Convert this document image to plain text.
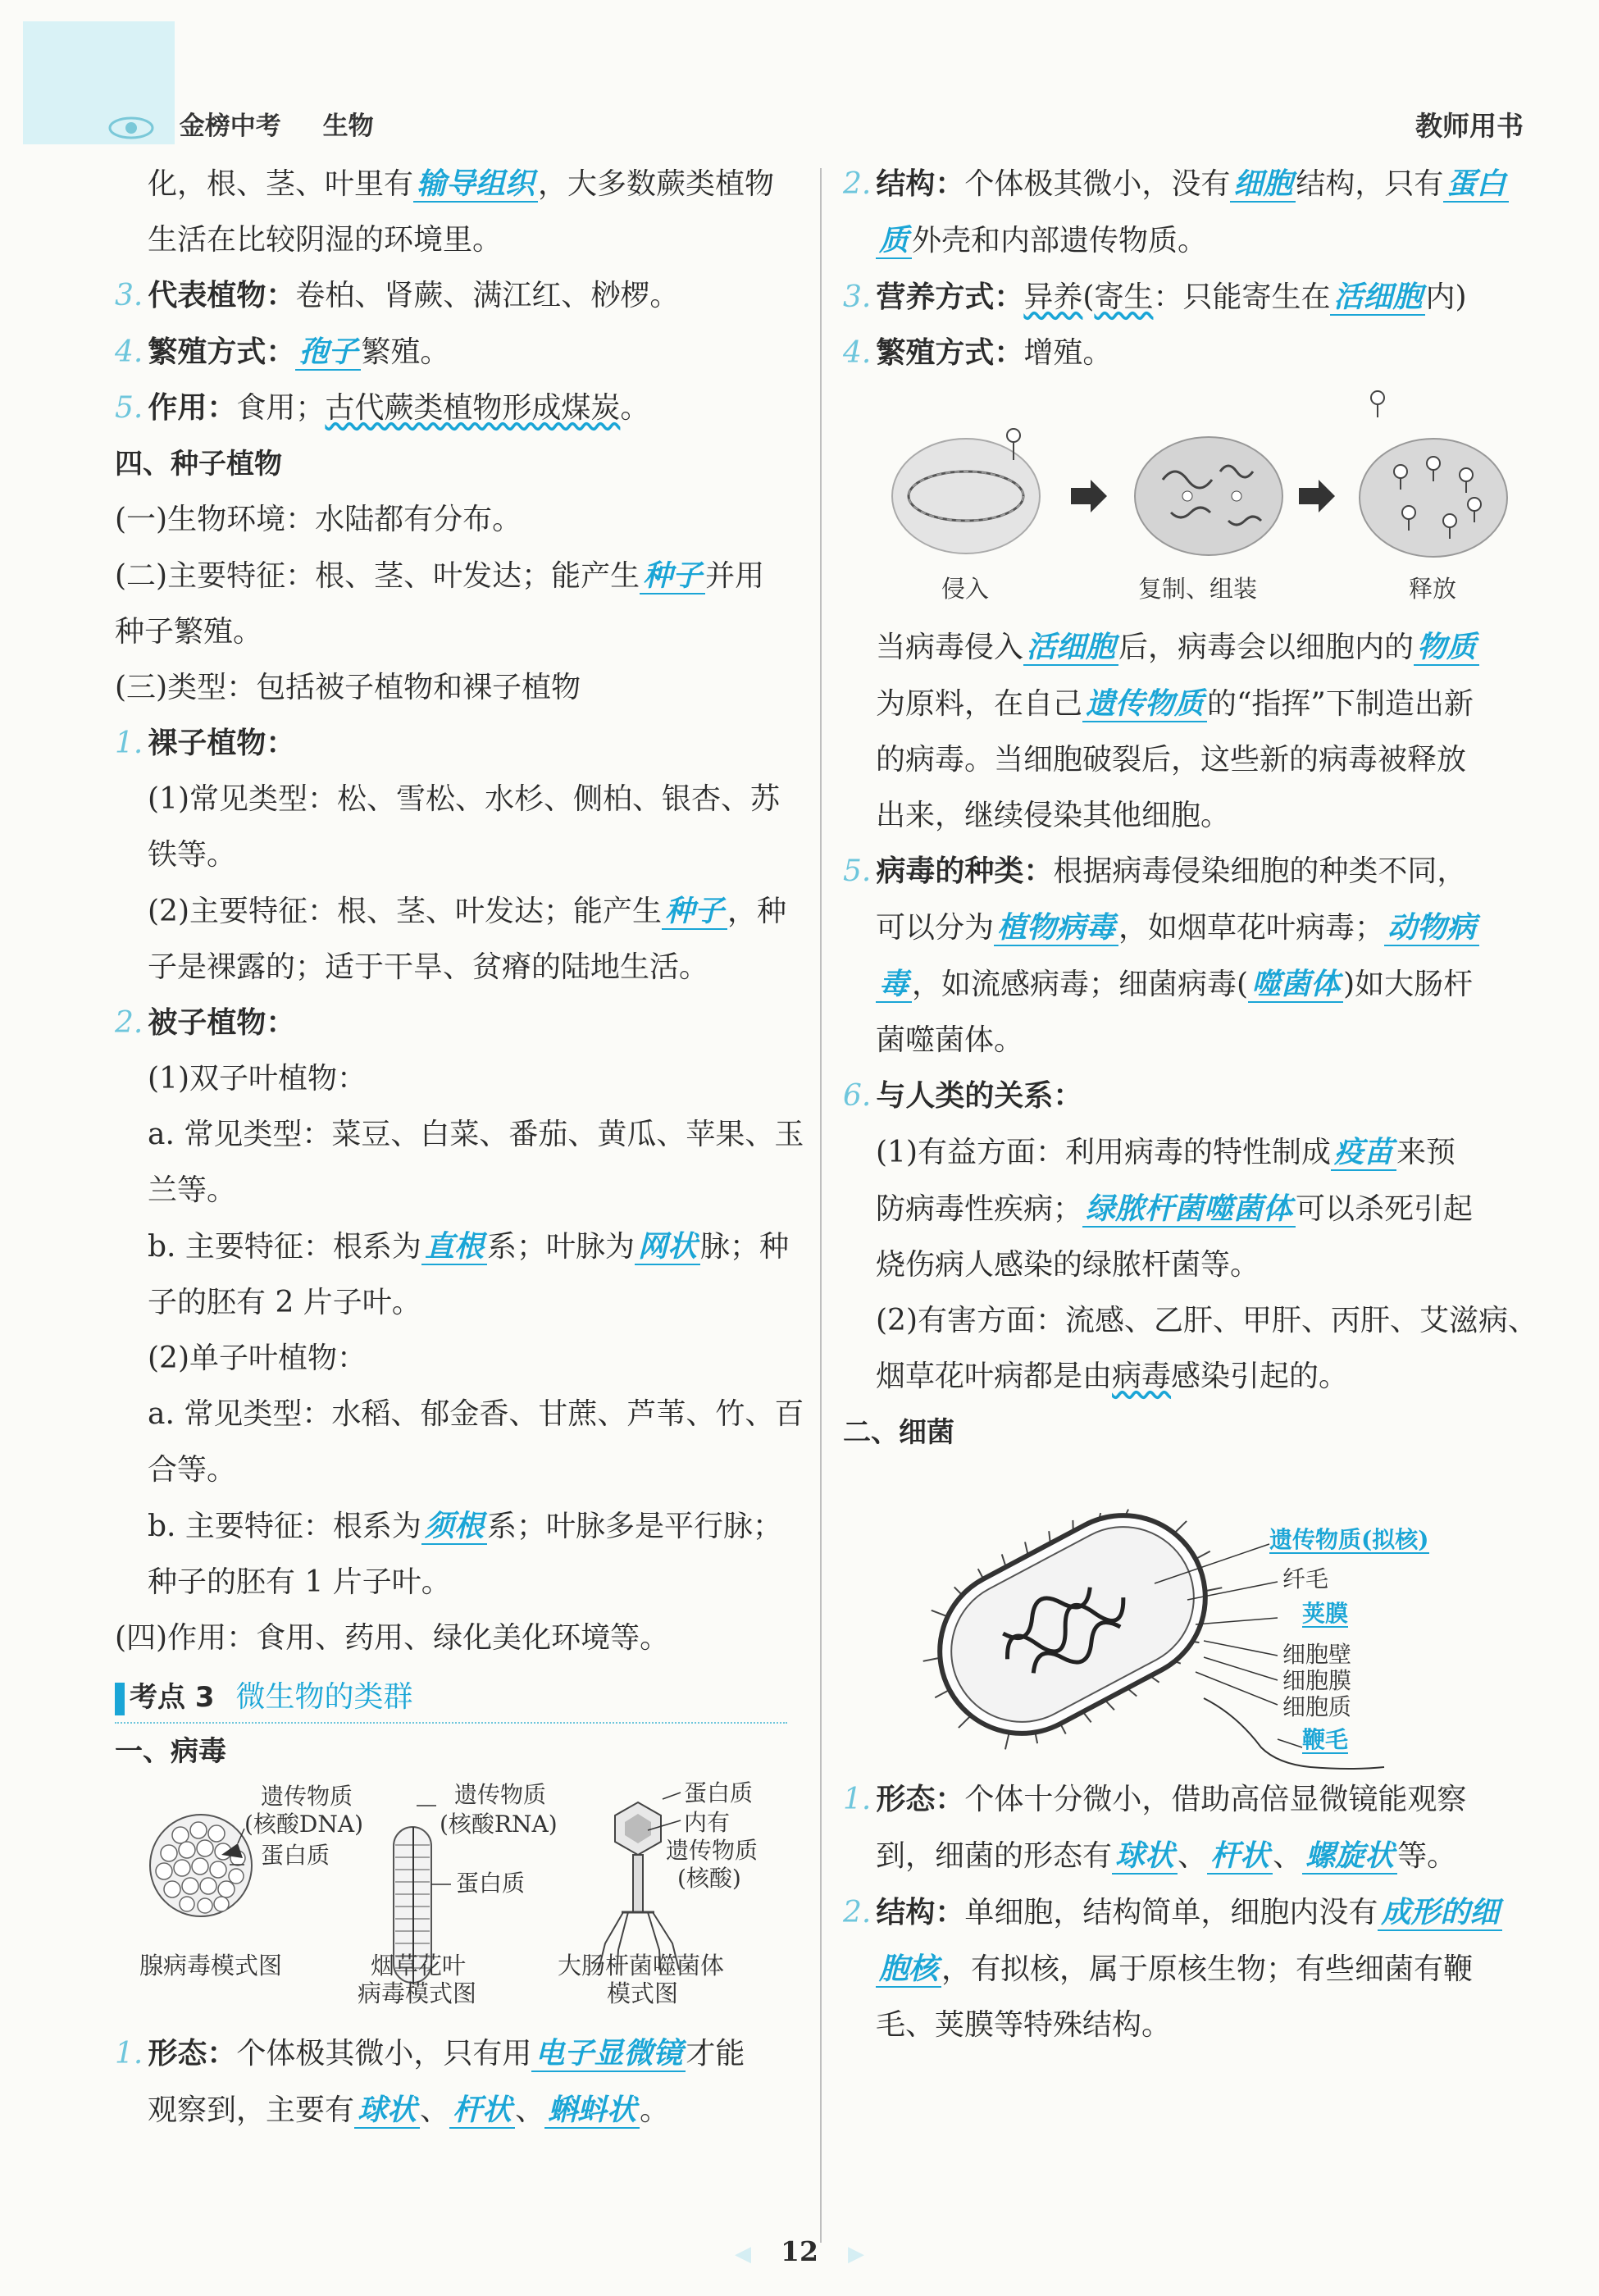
金榜中考 生物	教师用书
化，根、茎、叶里有 输导组织 ，大多数蕨类植物
生活在比较阴湿的环境里。
3. 代表植物：卷柏、肾蕨、满江红、桫椤。
4. 繁殖方式： 孢子 繁殖。
5. 作用：食用；古代蕨类植物形成煤炭。
四、种子植物
(一)生物环境：水陆都有分布。
(二)主要特征：根、茎、叶发达；能产生 种子 并用
种子繁殖。
(三)类型：包括被子植物和裸子植物
1. 裸子植物：
(1)常见类型：松、雪松、水杉、侧柏、银杏、苏
铁等。
(2)主要特征：根、茎、叶发达；能产生 种子 ，种
子是裸露的；适于干旱、贫瘠的陆地生活。
2. 被子植物：
(1)双子叶植物：
a. 常见类型：菜豆、白菜、番茄、黄瓜、苹果、玉
兰等。
b. 主要特征：根系为 直根 系；叶脉为 网状 脉；种
子的胚有 2 片子叶。
(2)单子叶植物：
a. 常见类型：水稻、郁金香、甘蔗、芦苇、竹、百
合等。
b. 主要特征：根系为 须根 系；叶脉多是平行脉；
种子的胚有 1 片子叶。
(四)作用：食用、药用、绿化美化环境等。
考点 3 微生物的类群
一、病毒
遗传物质
(核酸DNA)
蛋白质
遗传物质
(核酸RNA)
蛋白质
蛋白质
内有
遗传物质
(核酸)
腺病毒模式图	烟草花叶
病毒模式图
大肠杆菌噬菌体
模式图
1. 形态：个体极其微小，只有用 电子显微镜 才能
观察到，主要有 球状 、 杆状 、 蝌蚪状 。
2. 结构：个体极其微小，没有 细胞 结构，只有 蛋白
质 外壳和内部遗传物质。
3. 营养方式：异养(寄生：只能寄生在 活细胞 内)
4. 繁殖方式：增殖。
侵入	复制、组装	释放
当病毒侵入 活细胞 后，病毒会以细胞内的 物质
为原料，在自己 遗传物质 的“指挥”下制造出新
的病毒。当细胞破裂后，这些新的病毒被释放
出来，继续侵染其他细胞。
5. 病毒的种类：根据病毒侵染细胞的种类不同，
可以分为 植物病毒 ，如烟草花叶病毒； 动物病
毒 ，如流感病毒；细菌病毒( 噬菌体 )如大肠杆
菌噬菌体。
6. 与人类的关系：
(1)有益方面：利用病毒的特性制成 疫苗 来预
防病毒性疾病； 绿脓杆菌噬菌体 可以杀死引起
烧伤病人感染的绿脓杆菌等。
(2)有害方面：流感、乙肝、甲肝、丙肝、艾滋病、
烟草花叶病都是由病毒感染引起的。
二、细菌
遗传物质(拟核)
纤毛
荚膜
细胞壁
细胞膜
细胞质
鞭毛
1. 形态：个体十分微小，借助高倍显微镜能观察
到，细菌的形态有 球状 、 杆状 、 螺旋状 等。
2. 结构：单细胞，结构简单，细胞内没有 成形的细
胞核 ，有拟核，属于原核生物；有些细菌有鞭
毛、荚膜等特殊结构。
◀ 12 ▶
